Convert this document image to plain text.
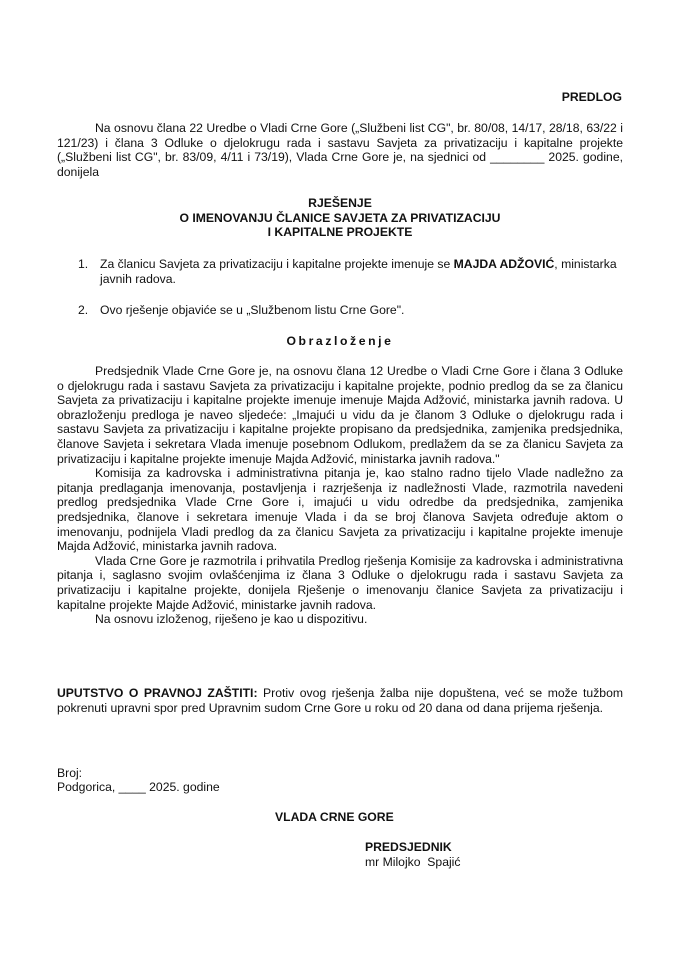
PREDLOG
Na osnovu člana 22 Uredbe o Vladi Crne Gore („Službeni list CG", br. 80/08, 14/17, 28/18, 63/22 i 121/23) i člana 3 Odluke o djelokrugu rada i sastavu Savjeta za privatizaciju i kapitalne projekte („Službeni list CG", br. 83/09, 4/11 i 73/19), Vlada Crne Gore je, na sjednici od ________ 2025. godine, donijela
RJEŠENJE
O IMENOVANJU ČLANICE SAVJETA ZA PRIVATIZACIJU
I KAPITALNE PROJEKTE
1. Za članicu Savjeta za privatizaciju i kapitalne projekte imenuje se MAJDA ADŽOVIĆ, ministarka javnih radova.
2. Ovo rješenje objaviće se u „Službenom listu Crne Gore".
Obrazloženje

Predsjednik Vlade Crne Gore je, na osnovu člana 12 Uredbe o Vladi Crne Gore i člana 3 Odluke o djelokrugu rada i sastavu Savjeta za privatizaciju i kapitalne projekte, podnio predlog da se za članicu Savjeta za privatizaciju i kapitalne projekte imenuje imenuje Majda Adžović, ministarka javnih radova. U obrazloženju predloga je naveo sljedeće: „Imajući u vidu da je članom 3 Odluke o djelokrugu rada i sastavu Savjeta za privatizaciju i kapitalne projekte propisano da predsjednika, zamjenika predsjednika, članove Savjeta i sekretara Vlada imenuje posebnom Odlukom, predlažem da se za članicu Savjeta za privatizaciju i kapitalne projekte imenuje Majda Adžović, ministarka javnih radova."

Komisija za kadrovska i administrativna pitanja je, kao stalno radno tijelo Vlade nadležno za pitanja predlaganja imenovanja, postavljenja i razrješenja iz nadležnosti Vlade, razmotrila navedeni predlog predsjednika Vlade Crne Gore i, imajući u vidu odredbe da predsjednika, zamjenika predsjednika, članove i sekretara imenuje Vlada i da se broj članova Savjeta određuje aktom o imenovanju, podnijela Vladi predlog da za članicu Savjeta za privatizaciju i kapitalne projekte imenuje Majda Adžović, ministarka javnih radova.

Vlada Crne Gore je razmotrila i prihvatila Predlog rješenja Komisije za kadrovska i administrativna pitanja i, saglasno svojim ovlašćenjima iz člana 3 Odluke o djelokrugu rada i sastavu Savjeta za privatizaciju i kapitalne projekte, donijela Rješenje o imenovanju članice Savjeta za privatizaciju i kapitalne projekte Majde Adžović, ministarke javnih radova.

Na osnovu izloženog, riješeno je kao u dispozitivu.

UPUTSTVO O PRAVNOJ ZAŠTITI: Protiv ovog rješenja žalba nije dopuštena, već se može tužbom pokrenuti upravni spor pred Upravnim sudom Crne Gore u roku od 20 dana od dana prijema rješenja.
Broj:
Podgorica, ____ 2025. godine
VLADA CRNE GORE
PREDSJEDNIK
mr Milojko  Spajić
